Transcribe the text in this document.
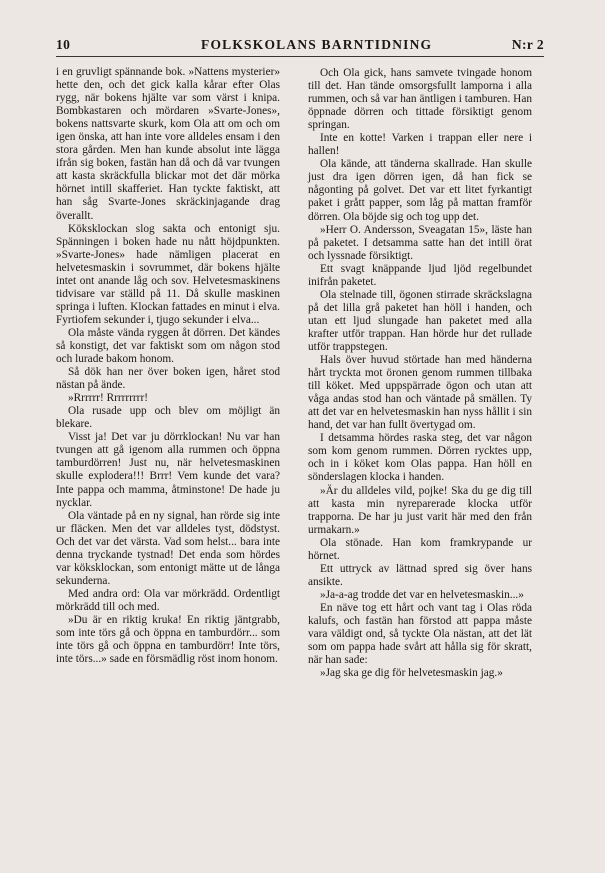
10	FOLKSKOLANS BARNTIDNING	N:r 2

i en gruvligt spännande bok. »Nattens mysterier» hette den, och det gick kalla kårar efter Olas rygg, när bokens hjälte var som värst i knipa. Bombkastaren och mördaren »Svarte-Jones», bokens nattsvarte skurk, kom Ola att om och om igen önska, att han inte vore alldeles ensam i den stora gården. Men han kunde absolut inte lägga ifrån sig boken, fastän han då och då var tvungen att kasta skräckfulla blickar mot det där mörka hörnet intill skafferiet. Han tyckte faktiskt, att han såg Svarte-Jones skräckinjagande drag överallt.

Köksklockan slog sakta och entonigt sju. Spänningen i boken hade nu nått höjdpunkten. »Svarte-Jones» hade nämligen placerat en helvetesmaskin i sovrummet, där bokens hjälte intet ont anande låg och sov. Helvetesmaskinens tidvisare var ställd på 11. Då skulle maskinen springa i luften. Klockan fattades en minut i elva. Fyrtiofem sekunder i, tjugo sekunder i elva...

Ola måste vända ryggen åt dörren. Det kändes så konstigt, det var faktiskt som om någon stod och lurade bakom honom.

Så dök han ner över boken igen, håret stod nästan på ände.

»Rrrrrr! Rrrrrrrrr!

Ola rusade upp och blev om möjligt än blekare.

Visst ja! Det var ju dörrklockan! Nu var han tvungen att gå igenom alla rummen och öppna tamburdörren! Just nu, när helvetesmaskinen skulle explodera!!! Brrr! Vem kunde det vara? Inte pappa och mamma, åtminstone! De hade ju nycklar.

Ola väntade på en ny signal, han rörde sig inte ur fläcken. Men det var alldeles tyst, dödstyst. Och det var det värsta. Vad som helst... bara inte denna tryckande tystnad! Det enda som hördes var köksklockan, som entonigt mätte ut de långa sekunderna.

Med andra ord: Ola var mörkrädd. Ordentligt mörkrädd till och med.

»Du är en riktig kruka! En riktig jäntgrabb, som inte törs gå och öppna en tamburdörr... som inte törs gå och öppna en tamburdörr! Inte törs, inte törs...» sade en försmädlig röst inom honom.

Och Ola gick, hans samvete tvingade honom till det. Han tände omsorgsfullt lamporna i alla rummen, och så var han äntligen i tamburen. Han öppnade dörren och tittade försiktigt genom springan.

Inte en kotte! Varken i trappan eller nere i hallen!

Ola kände, att tänderna skallrade. Han skulle just dra igen dörren igen, då han fick se någonting på golvet. Det var ett litet fyrkantigt paket i grått papper, som låg på mattan framför dörren. Ola böjde sig och tog upp det.

»Herr O. Andersson, Sveagatan 15», läste han på paketet. I detsamma satte han det intill örat och lyssnade försiktigt.

Ett svagt knäppande ljud ljöd regelbundet inifrån paketet.

Ola stelnade till, ögonen stirrade skräckslagna på det lilla grå paketet han höll i handen, och utan ett ljud slungade han paketet med alla krafter utför trappan. Han hörde hur det rullade utför trappstegen.

Hals över huvud störtade han med händerna hårt tryckta mot öronen genom rummen tillbaka till köket. Med uppspärrade ögon och utan att våga andas stod han och väntade på smällen. Ty att det var en helvetesmaskin han nyss hållit i sin hand, det var han fullt övertygad om.

I detsamma hördes raska steg, det var någon som kom genom rummen. Dörren rycktes upp, och in i köket kom Olas pappa. Han höll en sönderslagen klocka i handen.

»Är du alldeles vild, pojke! Ska du ge dig till att kasta min nyreparerade klocka utför trapporna. De har ju just varit här med den från urmakarn.»

Ola stönade. Han kom framkrypande ur hörnet.

Ett uttryck av lättnad spred sig över hans ansikte.

»Ja-a-ag trodde det var en helvetesmaskin...»

En näve tog ett hårt och vant tag i Olas röda kalufs, och fastän han förstod att pappa måste vara väldigt ond, så tyckte Ola nästan, att det lät som om pappa hade svårt att hålla sig för skratt, när han sade:

»Jag ska ge dig för helvetesmaskin jag.»
